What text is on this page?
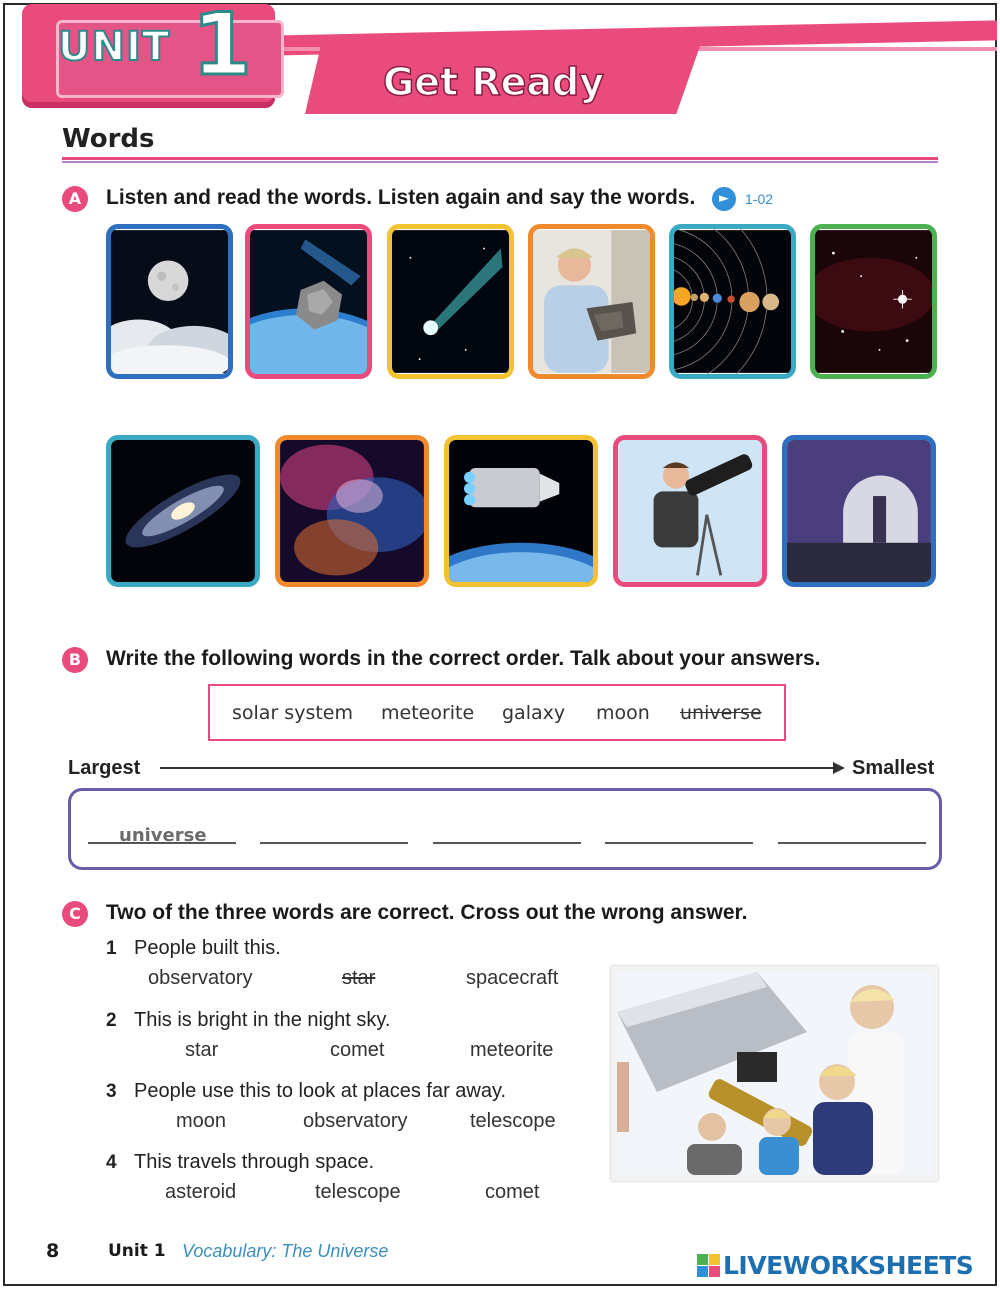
UNIT 1	Get Ready
Words
A	Listen and read the words. Listen again and say the words.	►	1-02
B	Write the following words in the correct order. Talk about your answers.
solar system meteorite galaxy moon universe
Largest	Smallest
universe
C	Two of the three words are correct. Cross out the wrong answer.
1 People built this.
observatory	star	spacecraft
2 This is bright in the night sky.
star	comet	meteorite
3 People use this to look at places far away.
moon	observatory	telescope
4 This travels through space.
asteroid	telescope	comet
8	Unit 1 Vocabulary: The Universe	LIVEWORKSHEETS
